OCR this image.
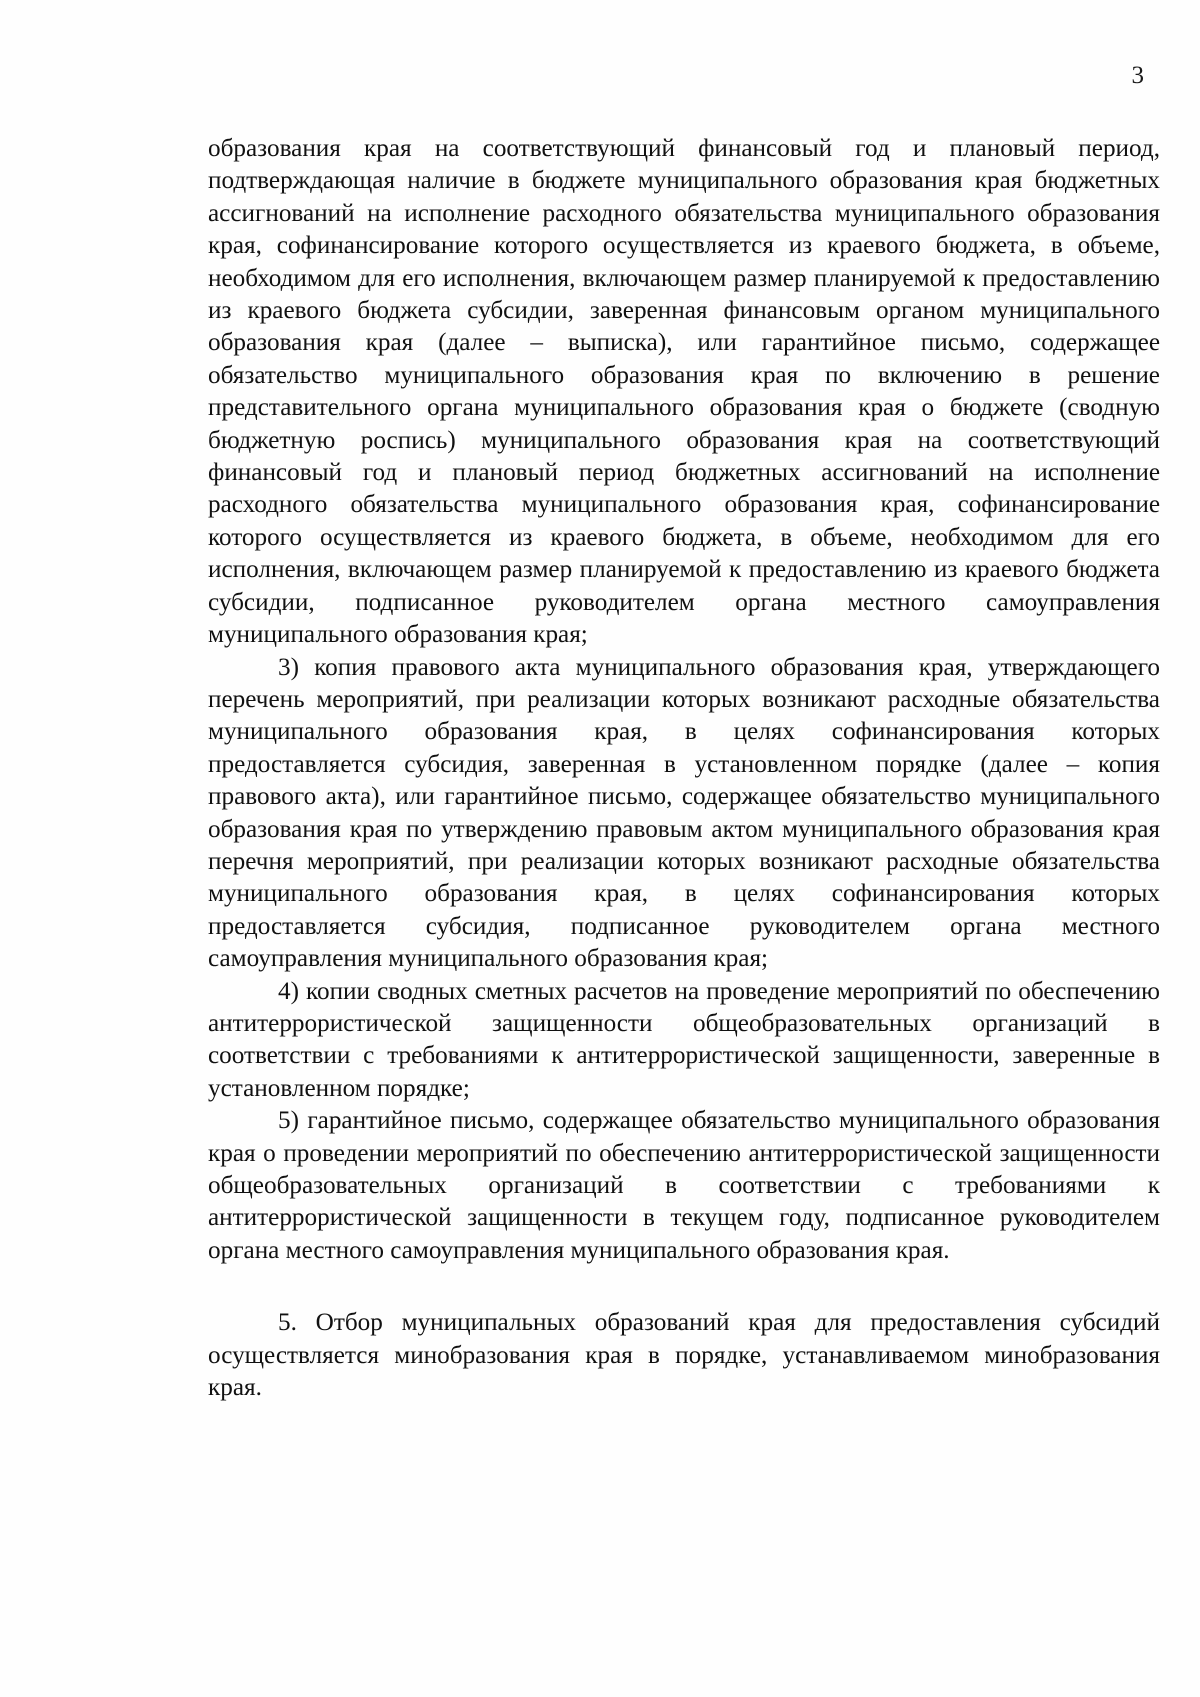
3

образования края на соответствующий финансовый год и плановый период, подтверждающая наличие в бюджете муниципального образования края бюджетных ассигнований на исполнение расходного обязательства муниципального образования края, софинансирование которого осуществляется из краевого бюджета, в объеме, необходимом для его исполнения, включающем размер планируемой к предоставлению из краевого бюджета субсидии, заверенная финансовым органом муниципального образования края (далее – выписка), или гарантийное письмо, содержащее обязательство муниципального образования края по включению в решение представительного органа муниципального образования края о бюджете (сводную бюджетную роспись) муниципального образования края на соответствующий финансовый год и плановый период бюджетных ассигнований на исполнение расходного обязательства муниципального образования края, софинансирование которого осуществляется из краевого бюджета, в объеме, необходимом для его исполнения, включающем размер планируемой к предоставлению из краевого бюджета субсидии, подписанное руководителем органа местного самоуправления муниципального образования края;

3) копия правового акта муниципального образования края, утверждающего перечень мероприятий, при реализации которых возникают расходные обязательства муниципального образования края, в целях софинансирования которых предоставляется субсидия, заверенная в установленном порядке (далее – копия правового акта), или гарантийное письмо, содержащее обязательство муниципального образования края по утверждению правовым актом муниципального образования края перечня мероприятий, при реализации которых возникают расходные обязательства муниципального образования края, в целях софинансирования которых предоставляется субсидия, подписанное руководителем органа местного самоуправления муниципального образования края;

4) копии сводных сметных расчетов на проведение мероприятий по обеспечению антитеррористической защищенности общеобразовательных организаций в соответствии с требованиями к антитеррористической защищенности, заверенные в установленном порядке;

5) гарантийное письмо, содержащее обязательство муниципального образования края о проведении мероприятий по обеспечению антитеррористической защищенности общеобразовательных организаций в соответствии с требованиями к антитеррористической защищенности в текущем году, подписанное руководителем органа местного самоуправления муниципального образования края.

5. Отбор муниципальных образований края для предоставления субсидий осуществляется минобразования края в порядке, устанавливаемом минобразования края.
